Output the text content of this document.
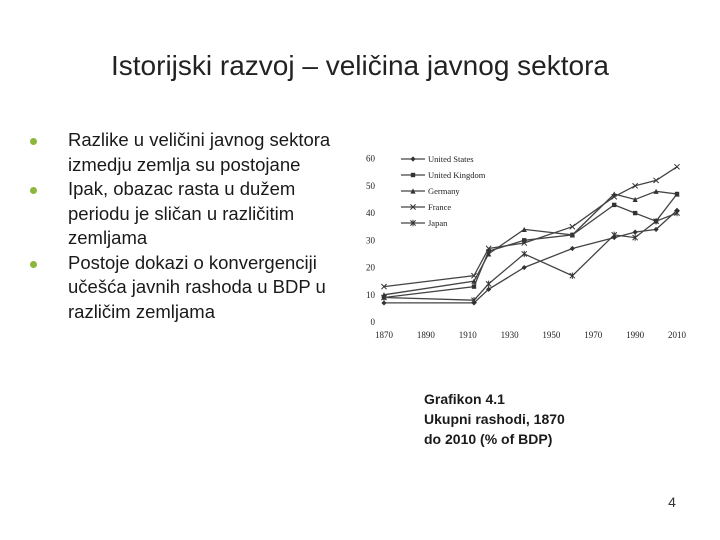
Istorijski razvoj – veličina javnog sektora
Razlike u veličini javnog sektora izmedju zemlja su postojane
Ipak, obazac rasta u dužem periodu je sličan u različitim zemljama
Postoje dokazi o konvergenciji učešća javnih rashoda u BDP u različim zemljama
0
10
20
30
40
50
60
1870	1890	1910	1930	1950	1970	1990	2010
United States
United Kingdom
Germany
France
Japan
Grafikon 4.1
Ukupni rashodi, 1870
do 2010 (% of BDP)
4
